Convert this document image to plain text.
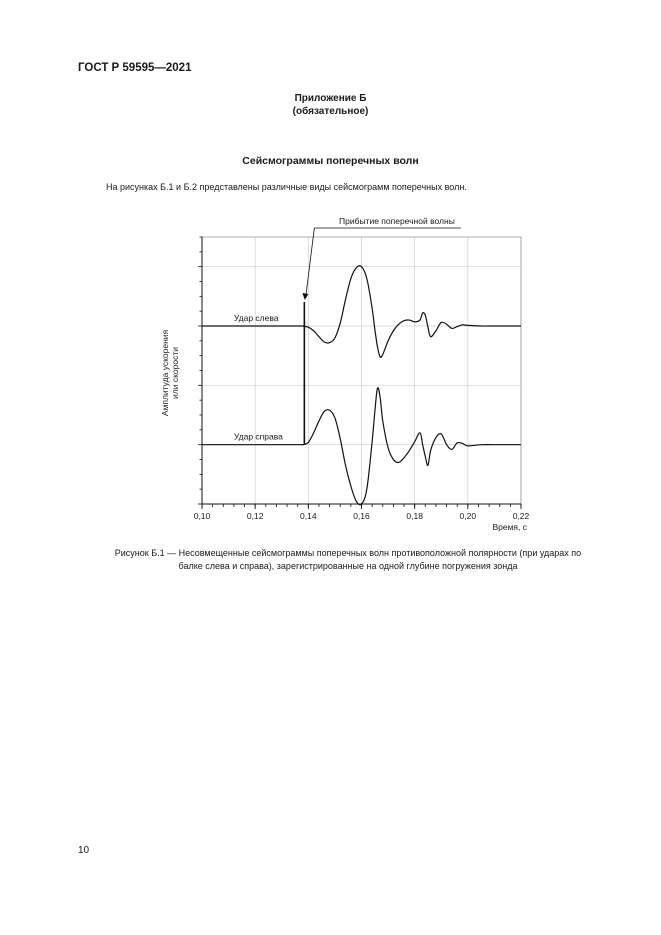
ГОСТ Р 59595—2021
Приложение Б
(обязательное)
Сейсмограммы поперечных волн
На рисунках Б.1 и Б.2 представлены различные виды сейсмограмм поперечных волн.
0,10	0,12	0,14	0,16	0,18	0,20	0,22
Удар слева
Удар справа
Прибытие поперечной волны
Амплитуда ускорения или скорости
Время, с
Рисунок Б.1 — Несовмещенные сейсмограммы поперечных волн противоположной полярности (при ударах по
балке слева и справа), зарегистрированные на одной глубине погружения зонда
10
